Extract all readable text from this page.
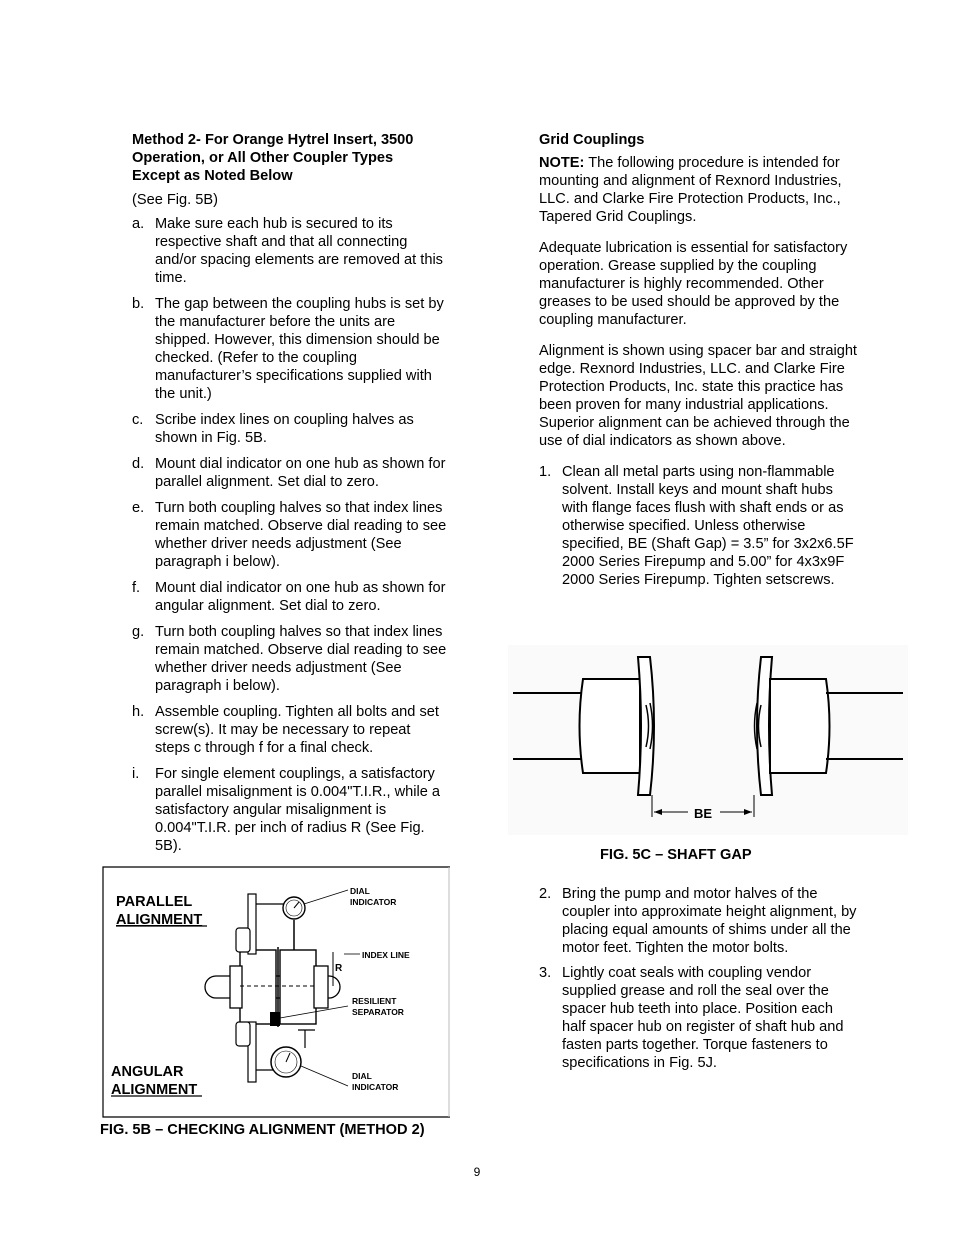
Method 2- For Orange Hytrel Insert, 3500 Operation, or All Other Coupler Types Except as Noted Below

(See Fig. 5B)

a. Make sure each hub is secured to its respective shaft and that all connecting and/or spacing elements are removed at this time.
b. The gap between the coupling hubs is set by the manufacturer before the units are shipped. However, this dimension should be checked. (Refer to the coupling manufacturer’s specifications supplied with the unit.)
c. Scribe index lines on coupling halves as shown in Fig. 5B.
d. Mount dial indicator on one hub as shown for parallel alignment. Set dial to zero.
e. Turn both coupling halves so that index lines remain matched. Observe dial reading to see whether driver needs adjustment (See paragraph i below).
f. Mount dial indicator on one hub as shown for angular alignment. Set dial to zero.
g. Turn both coupling halves so that index lines remain matched. Observe dial reading to see whether driver needs adjustment (See paragraph i below).
h. Assemble coupling. Tighten all bolts and set screw(s). It may be necessary to repeat steps c through f for a final check.
i. For single element couplings, a satisfactory parallel misalignment is 0.004"T.I.R., while a satisfactory angular misalignment is 0.004"T.I.R. per inch of radius R (See Fig. 5B).
PARALLEL
ALIGNMENT
ANGULAR
ALIGNMENT
R
DIAL
INDICATOR
INDEX LINE
RESILIENT
SEPARATOR
DIAL
INDICATOR
FIG. 5B – CHECKING ALIGNMENT (METHOD 2)

Grid Couplings

NOTE: The following procedure is intended for mounting and alignment of Rexnord Industries, LLC. and Clarke Fire Protection Products, Inc., Tapered Grid Couplings.

Adequate lubrication is essential for satisfactory operation. Grease supplied by the coupling manufacturer is highly recommended. Other greases to be used should be approved by the coupling manufacturer.

Alignment is shown using spacer bar and straight edge. Rexnord Industries, LLC. and Clarke Fire Protection Products, Inc. state this practice has been proven for many industrial applications. Superior alignment can be achieved through the use of dial indicators as shown above.

1. Clean all metal parts using non-flammable solvent. Install keys and mount shaft hubs with flange faces flush with shaft ends or as otherwise specified. Unless otherwise specified, BE (Shaft Gap) = 3.5” for 3x2x6.5F 2000 Series Firepump and 5.00” for 4x3x9F 2000 Series Firepump. Tighten setscrews.
BE
FIG. 5C – SHAFT GAP
2. Bring the pump and motor halves of the coupler into approximate height alignment, by placing equal amounts of shims under all the motor feet. Tighten the motor bolts.
3. Lightly coat seals with coupling vendor supplied grease and roll the seal over the spacer hub teeth into place. Position each half spacer hub on register of shaft hub and fasten parts together. Torque fasteners to specifications in Fig. 5J.
9
